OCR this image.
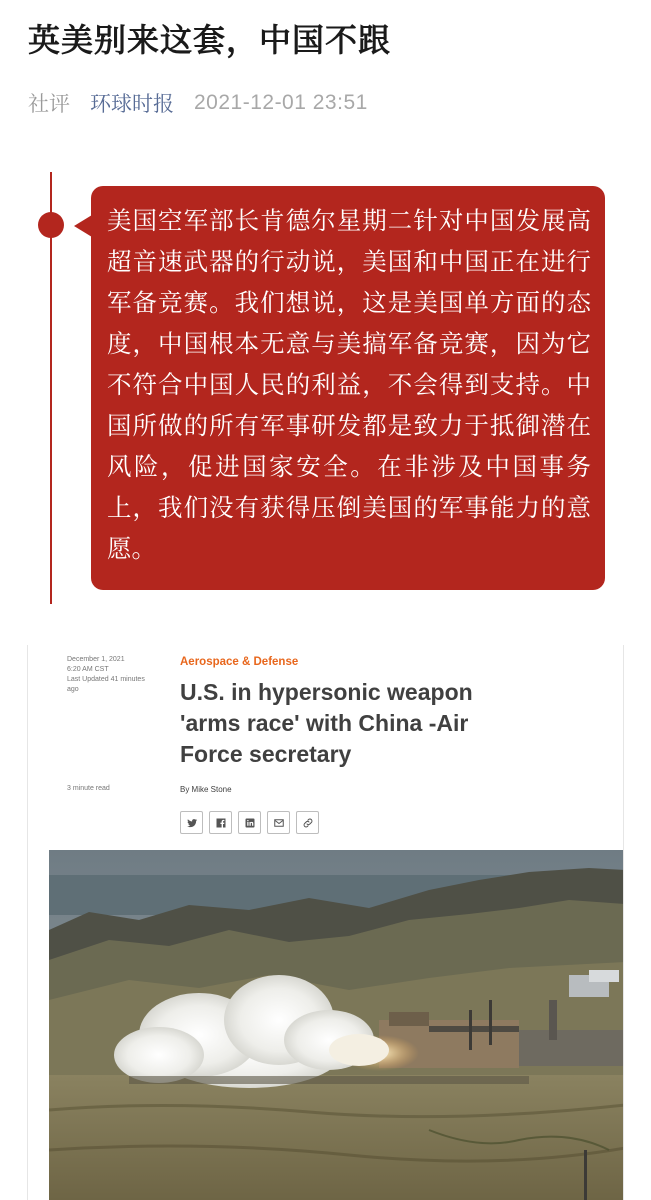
英美别来这套，中国不跟
社评 环球时报 2021-12-01 23:51

美国空军部长肯德尔星期二针对中国发展高超音速武器的行动说，美国和中国正在进行军备竞赛。我们想说，这是美国单方面的态度，中国根本无意与美搞军备竞赛，因为它不符合中国人民的利益，不会得到支持。中国所做的所有军事研发都是致力于抵御潜在风险，促进国家安全。在非涉及中国事务上，我们没有获得压倒美国的军事能力的意愿。

December 1, 2021
6:20 AM CST
Last Updated 41 minutes ago
3 minute read
Aerospace & Defense
U.S. in hypersonic weapon 'arms race' with China -Air Force secretary
By Mike Stone
